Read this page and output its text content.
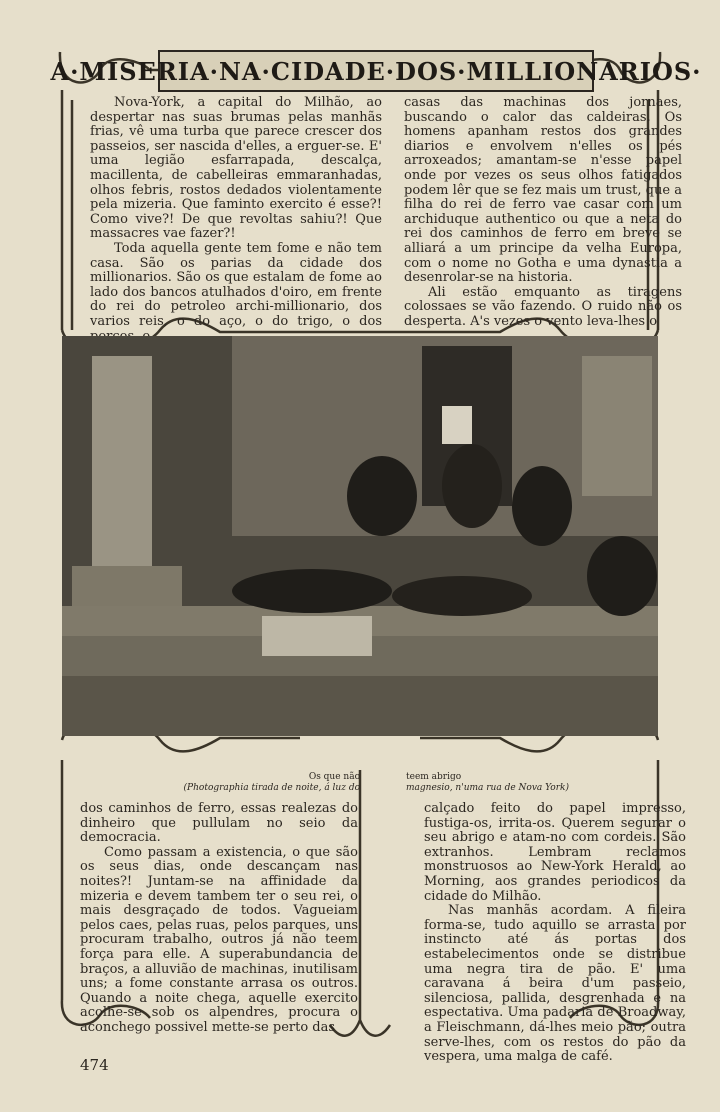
A·MISERIA·NA·CIDADE·DOS·MILLIONARIOS·

Nova-York, a capital do Milhão, ao despertar nas suas brumas pelas manhãs frias, vê uma turba que parece crescer dos passeios, ser nascida d'elles, a erguer-se. E' uma legião esfarrapada, descalça, macillenta, de cabelleiras emmaranhadas, olhos febris, rostos dedados violentamente pela mizeria. Que faminto exercito é esse?! Como vive?! De que revoltas sahiu?! Que massacres vae fazer?!

Toda aquella gente tem fome e não tem casa. São os parias da cidade dos millionarios. São os que estalam de fome ao lado dos bancos atulhados d'oiro, em frente do rei do petroleo archi-millionario, dos varios reis, o do aço, o do trigo, o dos

casas das machinas dos jornaes, buscando o calor das caldeiras. Os homens apanham restos dos grandes diarios e envolvem n'elles os pés arroxeados; amantam-se n'esse papel onde por vezes os seus olhos fatigados podem lêr que se fez mais um trust, que a filha do rei de ferro vae casar com um archiduque authentico ou que a neta do rei dos caminhos de ferro em breve se alliará a um principe da velha Europa, com o nome no Gotha e uma dynastia a desenrolar-se na historia.

Ali estão emquanto as tiragens colossaes se vão fazendo. O ruido não os desperta. A's vezes o vento leva-lhes o

Os que não
(Photographia tirada de noite, á luz do
teem abrigo
magnesio, n'uma rua de Nova York)

dos caminhos de ferro, essas realezas do dinheiro que pullulam no seio da democracia.

Como passam a existencia, o que são os seus dias, onde descançam nas noites?! Juntam-se na affinidade da mizeria e devem tambem ter o seu rei, o mais desgraçado de todos. Vagueiam pelos caes, pelas ruas, pelos parques, uns procuram trabalho, outros já não teem força para elle. A superabundancia de braços, a alluvião de machinas, inutilisam uns; a fome constante arrasa os outros. Quando a noite chega, aquelle exercito acolhe-se sob os alpendres, procura o aconchego possivel mette-se perto das

calçado feito do papel impresso, fustiga-os, irrita-os. Querem segurar o seu abrigo e atam-no com cordeis. São extranhos. Lembram reclamos monstruosos ao New-York Herald, ao Morning, aos grandes periodicos da cidade do Milhão.

Nas manhãs acordam. A fileira forma-se, tudo aquillo se arrasta por instincto até ás portas dos estabelecimentos onde se distribue uma negra tira de pão. E' uma caravana á beira d'um passeio, silenciosa, pallida, desgrenhada e na espectativa. Uma padaria de Broadway, a Fleischmann, dá-lhes meio pão; outra serve-lhes, com os restos do pão da vespera, uma malga de café.

474
